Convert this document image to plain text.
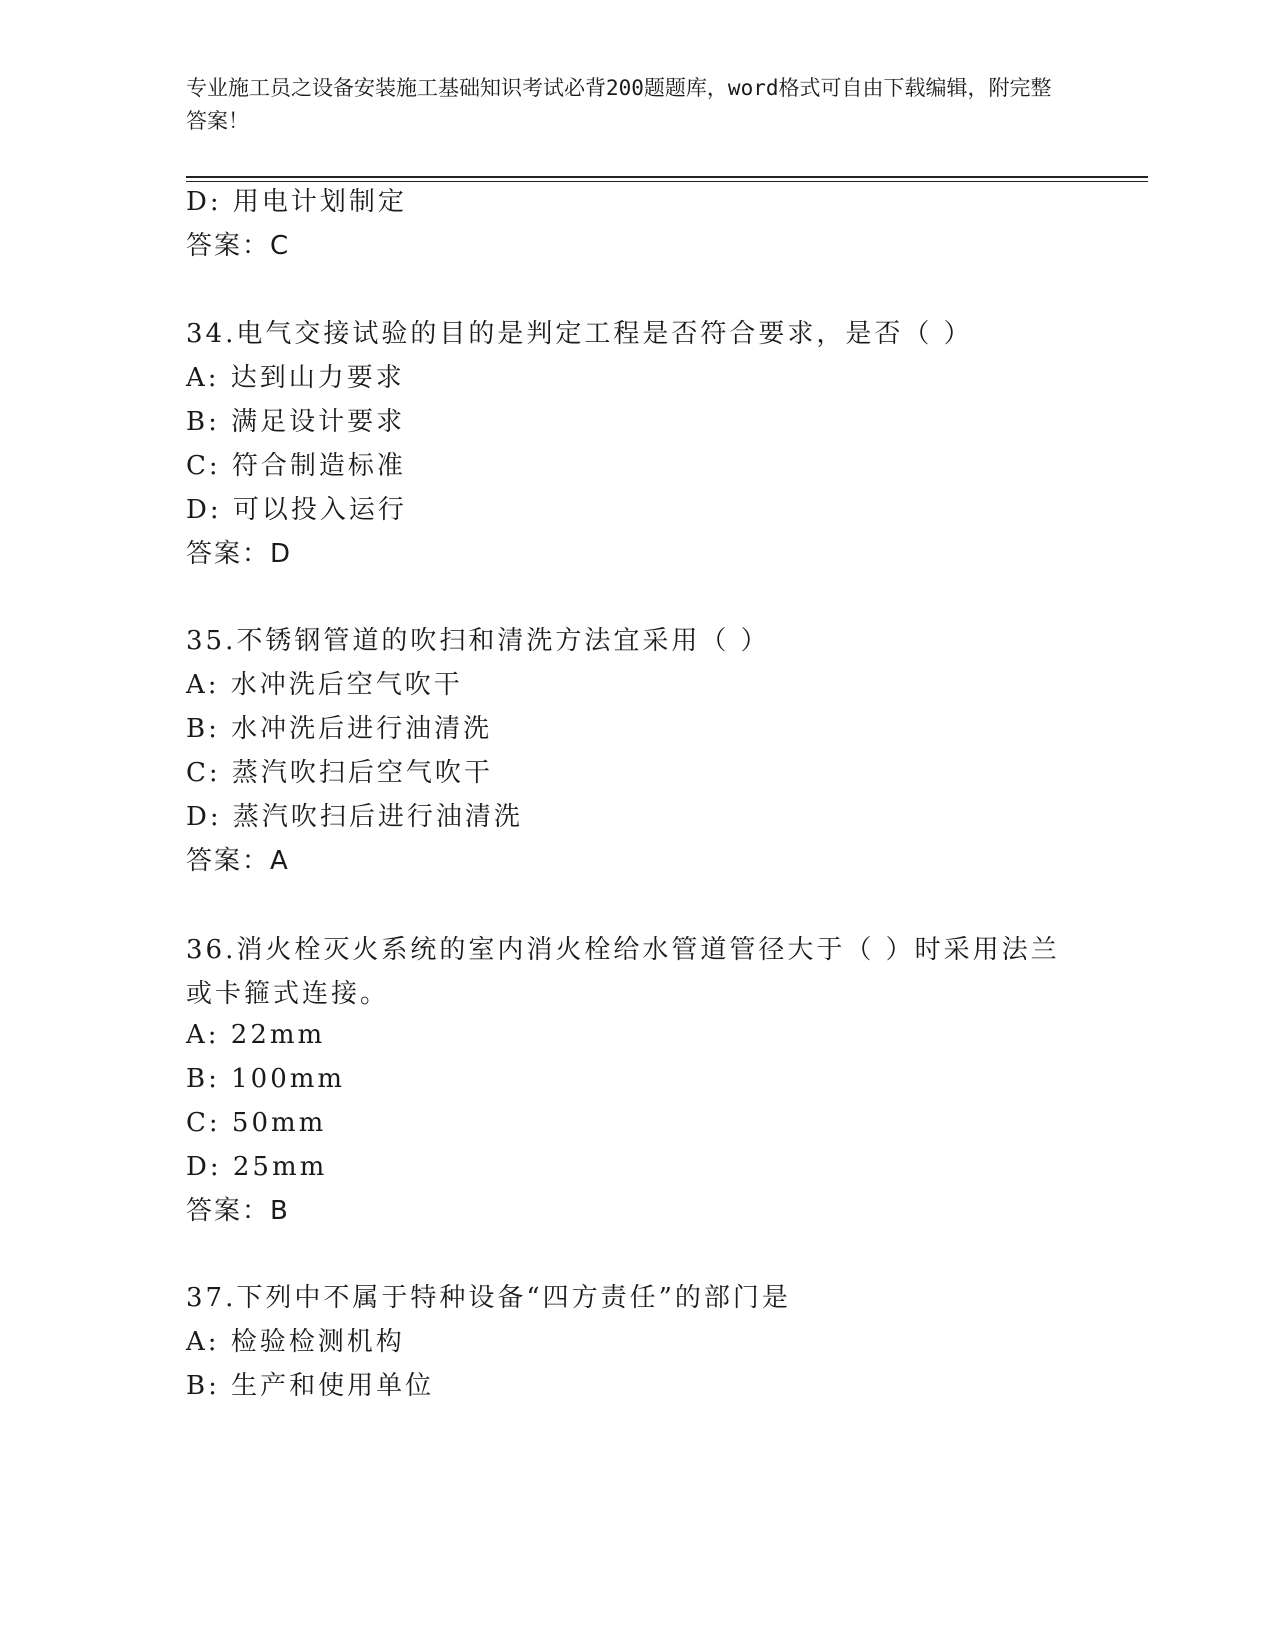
专业施工员之设备安装施工基础知识考试必背200题题库，word格式可自由下载编辑，附完整答案！
D: 用电计划制定
答案：C
34.电气交接试验的目的是判定工程是否符合要求，是否（ ）
A: 达到山力要求
B: 满足设计要求
C: 符合制造标准
D: 可以投入运行
答案：D
35.不锈钢管道的吹扫和清洗方法宜采用（ ）
A: 水冲洗后空气吹干
B: 水冲洗后进行油清洗
C: 蒸汽吹扫后空气吹干
D: 蒸汽吹扫后进行油清洗
答案：A
36.消火栓灭火系统的室内消火栓给水管道管径大于（ ）时采用法兰或卡箍式连接。
A: 22mm
B: 100mm
C: 50mm
D: 25mm
答案：B
37.下列中不属于特种设备“四方责任”的部门是
A: 检验检测机构
B: 生产和使用单位
